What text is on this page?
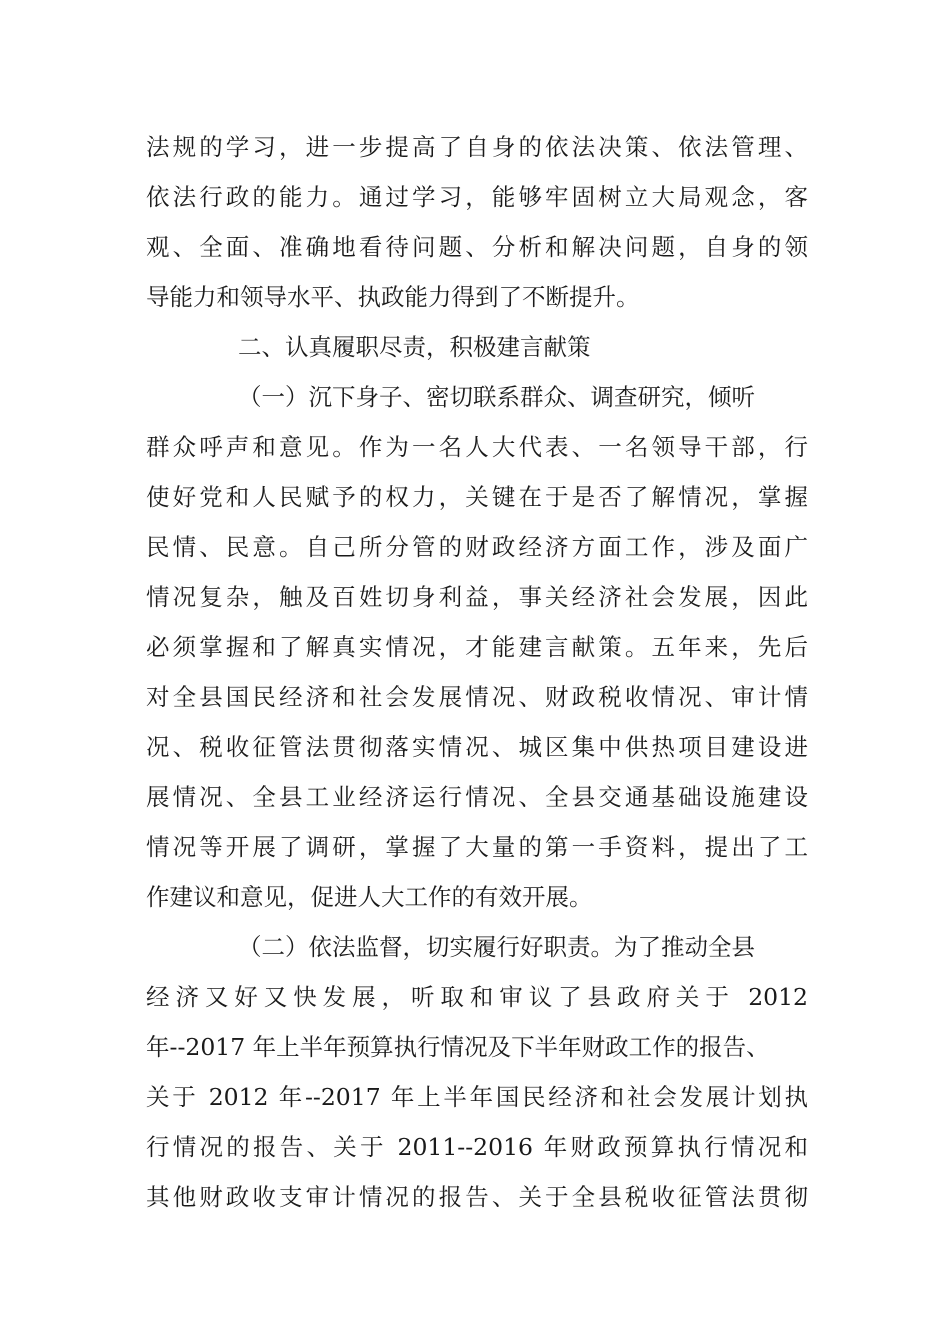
法规的学习，进一步提高了自身的依法决策、依法管理、
依法行政的能力。通过学习，能够牢固树立大局观念，客
观、全面、准确地看待问题、分析和解决问题，自身的领
导能力和领导水平、执政能力得到了不断提升。
二、认真履职尽责，积极建言献策
（一）沉下身子、密切联系群众、调查研究，倾听
群众呼声和意见。作为一名人大代表、一名领导干部，行
使好党和人民赋予的权力，关键在于是否了解情况，掌握
民情、民意。自己所分管的财政经济方面工作，涉及面广
情况复杂，触及百姓切身利益，事关经济社会发展，因此
必须掌握和了解真实情况，才能建言献策。五年来，先后
对全县国民经济和社会发展情况、财政税收情况、审计情
况、税收征管法贯彻落实情况、城区集中供热项目建设进
展情况、全县工业经济运行情况、全县交通基础设施建设
情况等开展了调研，掌握了大量的第一手资料，提出了工
作建议和意见，促进人大工作的有效开展。
（二）依法监督，切实履行好职责。为了推动全县
经济又好又快发展，听取和审议了县政府关于 2012
年--2017 年上半年预算执行情况及下半年财政工作的报告、
关于 2012 年--2017 年上半年国民经济和社会发展计划执
行情况的报告、关于 2011--2016 年财政预算执行情况和
其他财政收支审计情况的报告、关于全县税收征管法贯彻
